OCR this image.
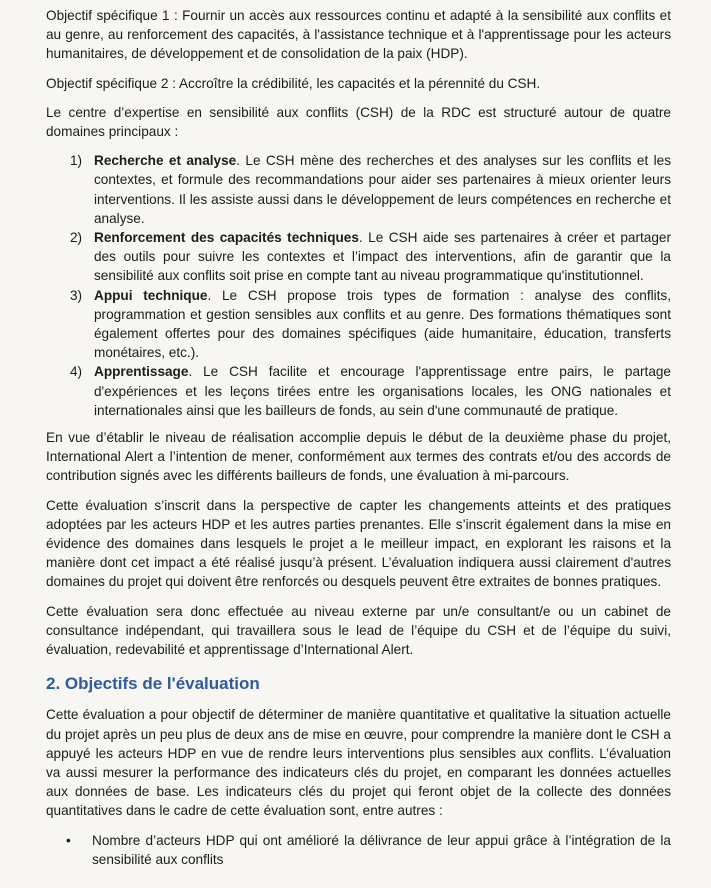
Objectif spécifique 1 : Fournir un accès aux ressources continu et adapté à la sensibilité aux conflits et au genre, au renforcement des capacités, à l'assistance technique et à l'apprentissage pour les acteurs humanitaires, de développement et de consolidation de la paix (HDP).

Objectif spécifique 2 : Accroître la crédibilité, les capacités et la pérennité du CSH.

Le centre d’expertise en sensibilité aux conflits (CSH) de la RDC est structuré autour de quatre domaines principaux :

1) Recherche et analyse. Le CSH mène des recherches et des analyses sur les conflits et les contextes, et formule des recommandations pour aider ses partenaires à mieux orienter leurs interventions. Il les assiste aussi dans le développement de leurs compétences en recherche et analyse.
2) Renforcement des capacités techniques. Le CSH aide ses partenaires à créer et partager des outils pour suivre les contextes et l’impact des interventions, afin de garantir que la sensibilité aux conflits soit prise en compte tant au niveau programmatique qu'institutionnel.
3) Appui technique. Le CSH propose trois types de formation : analyse des conflits, programmation et gestion sensibles aux conflits et au genre. Des formations thématiques sont également offertes pour des domaines spécifiques (aide humanitaire, éducation, transferts monétaires, etc.).
4) Apprentissage. Le CSH facilite et encourage l'apprentissage entre pairs, le partage d'expériences et les leçons tirées entre les organisations locales, les ONG nationales et internationales ainsi que les bailleurs de fonds, au sein d'une communauté de pratique.

En vue d’établir le niveau de réalisation accomplie depuis le début de la deuxième phase du projet, International Alert a l’intention de mener, conformément aux termes des contrats et/ou des accords de contribution signés avec les différents bailleurs de fonds, une évaluation à mi-parcours.

Cette évaluation s’inscrit dans la perspective de capter les changements atteints et des pratiques adoptées par les acteurs HDP et les autres parties prenantes. Elle s’inscrit également dans la mise en évidence des domaines dans lesquels le projet a le meilleur impact, en explorant les raisons et la manière dont cet impact a été réalisé jusqu’à présent. L’évaluation indiquera aussi clairement d'autres domaines du projet qui doivent être renforcés ou desquels peuvent être extraites de bonnes pratiques.

Cette évaluation sera donc effectuée au niveau externe par un/e consultant/e ou un cabinet de consultance indépendant, qui travaillera sous le lead de l’équipe du CSH et de l’équipe du suivi, évaluation, redevabilité et apprentissage d’International Alert.

2. Objectifs de l'évaluation

Cette évaluation a pour objectif de déterminer de manière quantitative et qualitative la situation actuelle du projet après un peu plus de deux ans de mise en œuvre, pour comprendre la manière dont le CSH a appuyé les acteurs HDP en vue de rendre leurs interventions plus sensibles aux conflits. L’évaluation va aussi mesurer la performance des indicateurs clés du projet, en comparant les données actuelles aux données de base. Les indicateurs clés du projet qui feront objet de la collecte des données quantitatives dans le cadre de cette évaluation sont, entre autres :

•	Nombre d’acteurs HDP qui ont amélioré la délivrance de leur appui grâce à l’intégration de la sensibilité aux conflits
